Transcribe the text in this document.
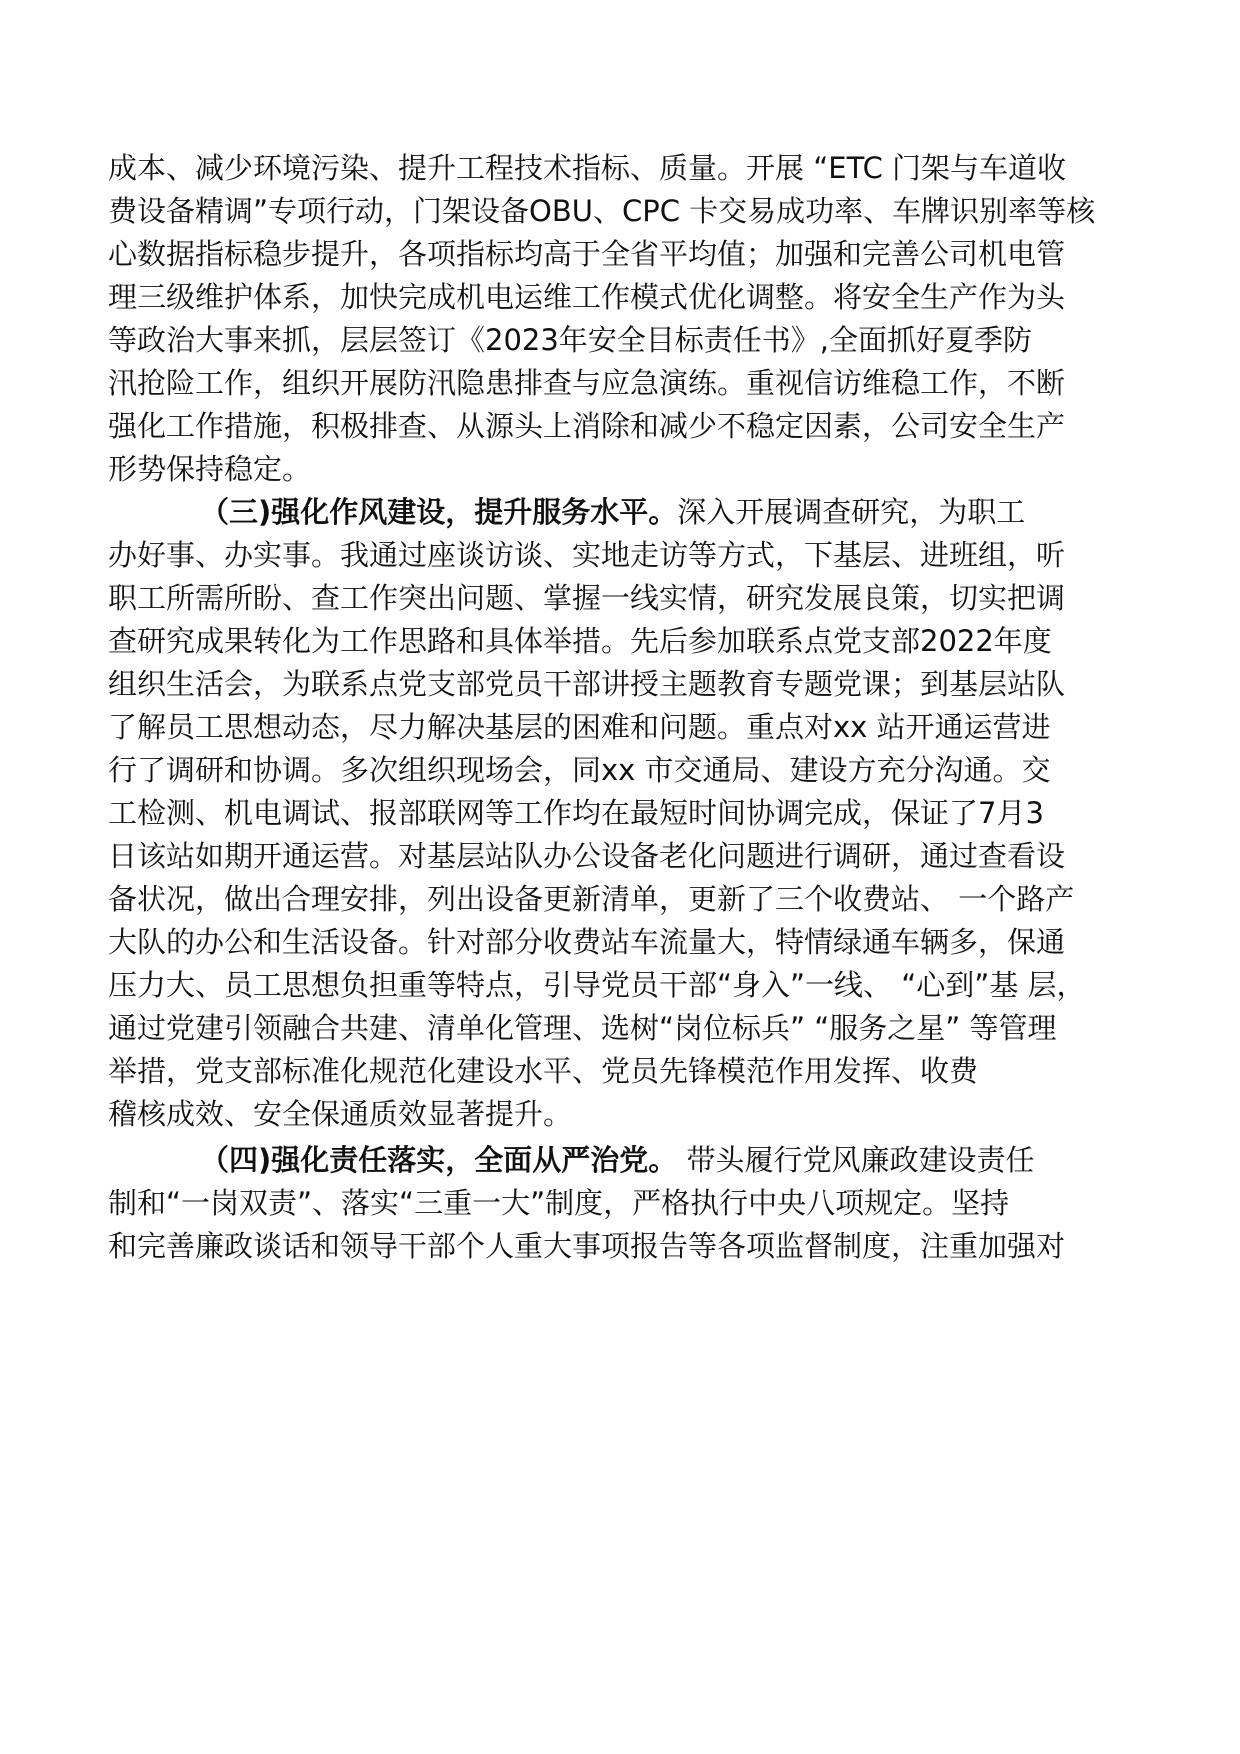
成本、减少环境污染、提升工程技术指标、质量。开展 “ETC 门架与车道收

费设备精调”专项行动，门架设备OBU、CPC 卡交易成功率、车牌识别率等核

心数据指标稳步提升，各项指标均高于全省平均值；加强和完善公司机电管

理三级维护体系，加快完成机电运维工作模式优化调整。将安全生产作为头

等政治大事来抓，层层签订《2023年安全目标责任书》,全面抓好夏季防

汛抢险工作，组织开展防汛隐患排查与应急演练。重视信访维稳工作，不断

强化工作措施，积极排查、从源头上消除和减少不稳定因素，公司安全生产

形势保持稳定。

（三)强化作风建设，提升服务水平。深入开展调查研究，为职工

办好事、办实事。我通过座谈访谈、实地走访等方式，下基层、进班组，听

职工所需所盼、查工作突出问题、掌握一线实情，研究发展良策，切实把调

查研究成果转化为工作思路和具体举措。先后参加联系点党支部2022年度

组织生活会，为联系点党支部党员干部讲授主题教育专题党课；到基层站队

了解员工思想动态，尽力解决基层的困难和问题。重点对xx 站开通运营进

行了调研和协调。多次组织现场会，同xx 市交通局、建设方充分沟通。交

工检测、机电调试、报部联网等工作均在最短时间协调完成，保证了7月3

日该站如期开通运营。对基层站队办公设备老化问题进行调研，通过查看设

备状况，做出合理安排，列出设备更新清单，更新了三个收费站、 一个路产

大队的办公和生活设备。针对部分收费站车流量大，特情绿通车辆多，保通

压力大、员工思想负担重等特点，引导党员干部“身入”一线、 “心到”基 层，

通过党建引领融合共建、清单化管理、选树“岗位标兵” “服务之星” 等管理

举措，党支部标准化规范化建设水平、党员先锋模范作用发挥、收费

稽核成效、安全保通质效显著提升。

（四)强化责任落实，全面从严治党。 带头履行党风廉政建设责任

制和“一岗双责”、落实“三重一大”制度，严格执行中央八项规定。坚持

和完善廉政谈话和领导干部个人重大事项报告等各项监督制度，注重加强对
